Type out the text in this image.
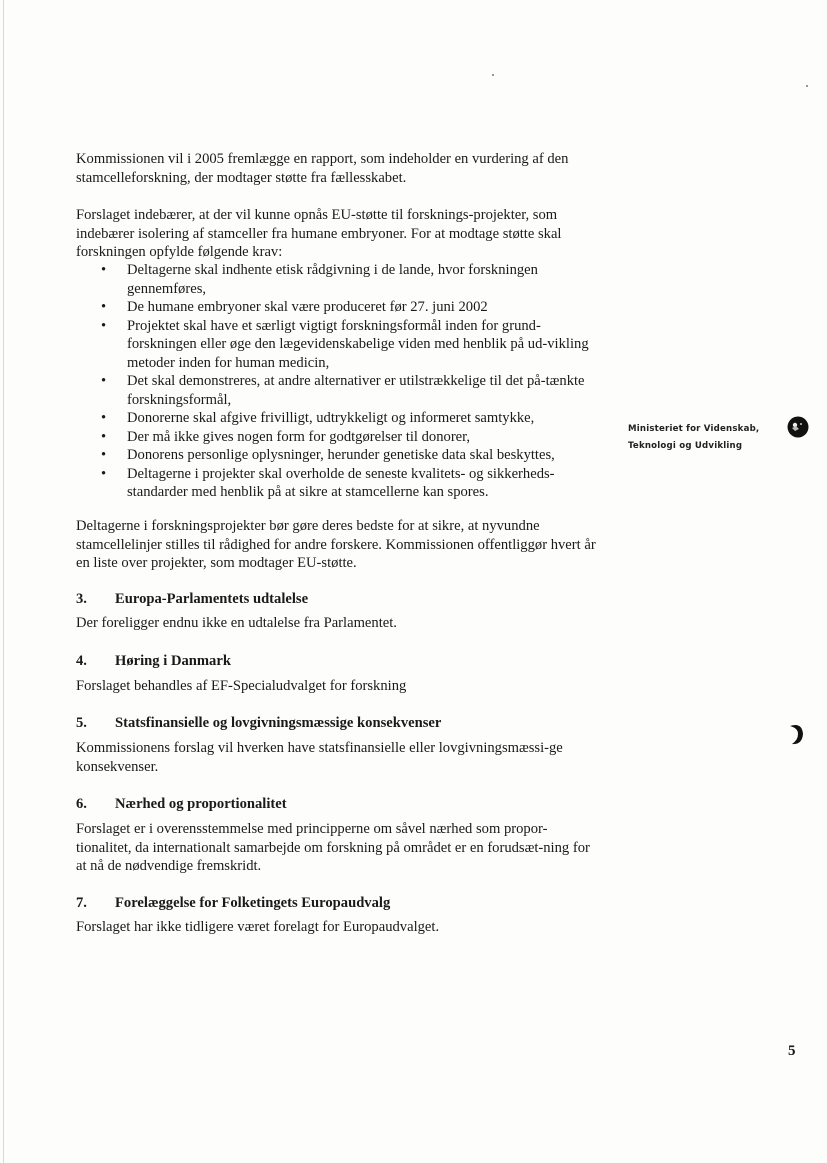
Kommissionen vil i 2005 fremlægge en rapport, som indeholder en vurdering af den stamcelleforskning, der modtager støtte fra fællesskabet.

Forslaget indebærer, at der vil kunne opnås EU-støtte til forsknings-projekter, som indebærer isolering af stamceller fra humane embryoner. For at modtage støtte skal forskningen opfylde følgende krav:

• Deltagerne skal indhente etisk rådgivning i de lande, hvor forskningen gennemføres,
• De humane embryoner skal være produceret før 27. juni 2002
• Projektet skal have et særligt vigtigt forskningsformål inden for grund-forskningen eller øge den lægevidenskabelige viden med henblik på ud-vikling metoder inden for human medicin,
• Det skal demonstreres, at andre alternativer er utilstrækkelige til det på-tænkte forskningsformål,
• Donorerne skal afgive frivilligt, udtrykkeligt og informeret samtykke,
• Der må ikke gives nogen form for godtgørelser til donorer,
• Donorens personlige oplysninger, herunder genetiske data skal beskyttes,
• Deltagerne i projekter skal overholde de seneste kvalitets- og sikkerheds-standarder med henblik på at sikre at stamcellerne kan spores.

Deltagerne i forskningsprojekter bør gøre deres bedste for at sikre, at nyvundne stamcellelinjer stilles til rådighed for andre forskere. Kommissionen offentliggør hvert år en liste over projekter, som modtager EU-støtte.

3. Europa-Parlamentets udtalelse

Der foreligger endnu ikke en udtalelse fra Parlamentet.

4. Høring i Danmark

Forslaget behandles af EF-Specialudvalget for forskning

5. Statsfinansielle og lovgivningsmæssige konsekvenser

Kommissionens forslag vil hverken have statsfinansielle eller lovgivningsmæssi-ge konsekvenser.

6. Nærhed og proportionalitet

Forslaget er i overensstemmelse med principperne om såvel nærhed som propor-tionalitet, da internationalt samarbejde om forskning på området er en forudsæt-ning for at nå de nødvendige fremskridt.

7. Forelæggelse for Folketingets Europaudvalg

Forslaget har ikke tidligere været forelagt for Europaudvalget.

Ministeriet for Videnskab,
Teknologi og Udvikling
5
